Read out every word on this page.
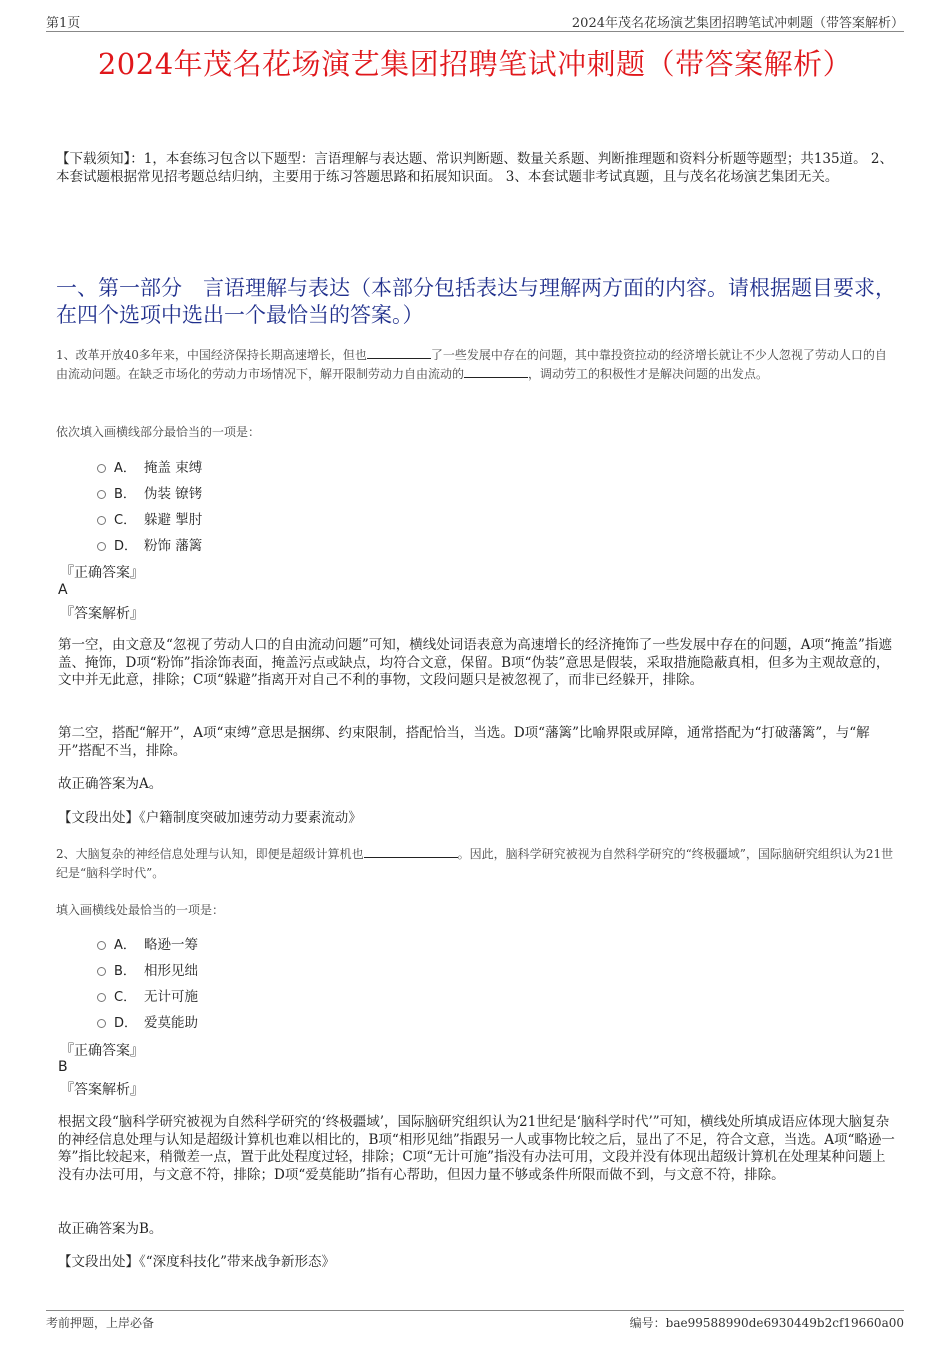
第1页	2024年茂名花场演艺集团招聘笔试冲刺题（带答案解析）
2024年茂名花场演艺集团招聘笔试冲刺题（带答案解析）
【下载须知】：1，本套练习包含以下题型：言语理解与表达题、常识判断题、数量关系题、判断推理题和资料分析题等题型；共135道。 2、本套试题根据常见招考题总结归纳，主要用于练习答题思路和拓展知识面。 3、本套试题非考试真题，且与茂名花场演艺集团无关。
一、第一部分　言语理解与表达（本部分包括表达与理解两方面的内容。请根据题目要求，在四个选项中选出一个最恰当的答案。）
1、改革开放40多年来，中国经济保持长期高速增长，但也	了一些发展中存在的问题，其中靠投资拉动的经济增长就让不少人忽视了劳动人口的自由流动问题。在缺乏市场化的劳动力市场情况下，解开限制劳动力自由流动的	，调动劳工的积极性才是解决问题的出发点。
依次填入画横线部分最恰当的一项是：
A． 掩盖 束缚
B． 伪装 镣铐
C． 躲避 掣肘
D． 粉饰 藩篱
『正确答案』
A
『答案解析』
第一空，由文意及“忽视了劳动人口的自由流动问题”可知，横线处词语表意为高速增长的经济掩饰了一些发展中存在的问题，A项“掩盖”指遮盖、掩饰，D项“粉饰”指涂饰表面，掩盖污点或缺点，均符合文意，保留。B项“伪装”意思是假装，采取措施隐蔽真相，但多为主观故意的，文中并无此意，排除；C项“躲避”指离开对自己不利的事物，文段问题只是被忽视了，而非已经躲开，排除。
第二空，搭配“解开”，A项“束缚”意思是捆绑、约束限制，搭配恰当，当选。D项“藩篱”比喻界限或屏障，通常搭配为“打破藩篱”，与“解开”搭配不当，排除。
故正确答案为A。
【文段出处】《户籍制度突破加速劳动力要素流动》
2、大脑复杂的神经信息处理与认知，即便是超级计算机也	。因此，脑科学研究被视为自然科学研究的“终极疆域”，国际脑研究组织认为21世纪是“脑科学时代”。
填入画横线处最恰当的一项是：
A． 略逊一筹
B． 相形见绌
C． 无计可施
D． 爱莫能助
『正确答案』
B
『答案解析』
根据文段“脑科学研究被视为自然科学研究的‘终极疆域’，国际脑研究组织认为21世纪是‘脑科学时代’”可知，横线处所填成语应体现大脑复杂的神经信息处理与认知是超级计算机也难以相比的，B项“相形见绌”指跟另一人或事物比较之后，显出了不足，符合文意，当选。A项“略逊一筹”指比较起来，稍微差一点，置于此处程度过轻，排除；C项“无计可施”指没有办法可用，文段并没有体现出超级计算机在处理某种问题上没有办法可用，与文意不符，排除；D项“爱莫能助”指有心帮助，但因力量不够或条件所限而做不到，与文意不符，排除。
故正确答案为B。
【文段出处】《“深度科技化”带来战争新形态》
考前押题，上岸必备	编号：bae99588990de6930449b2cf19660a00
